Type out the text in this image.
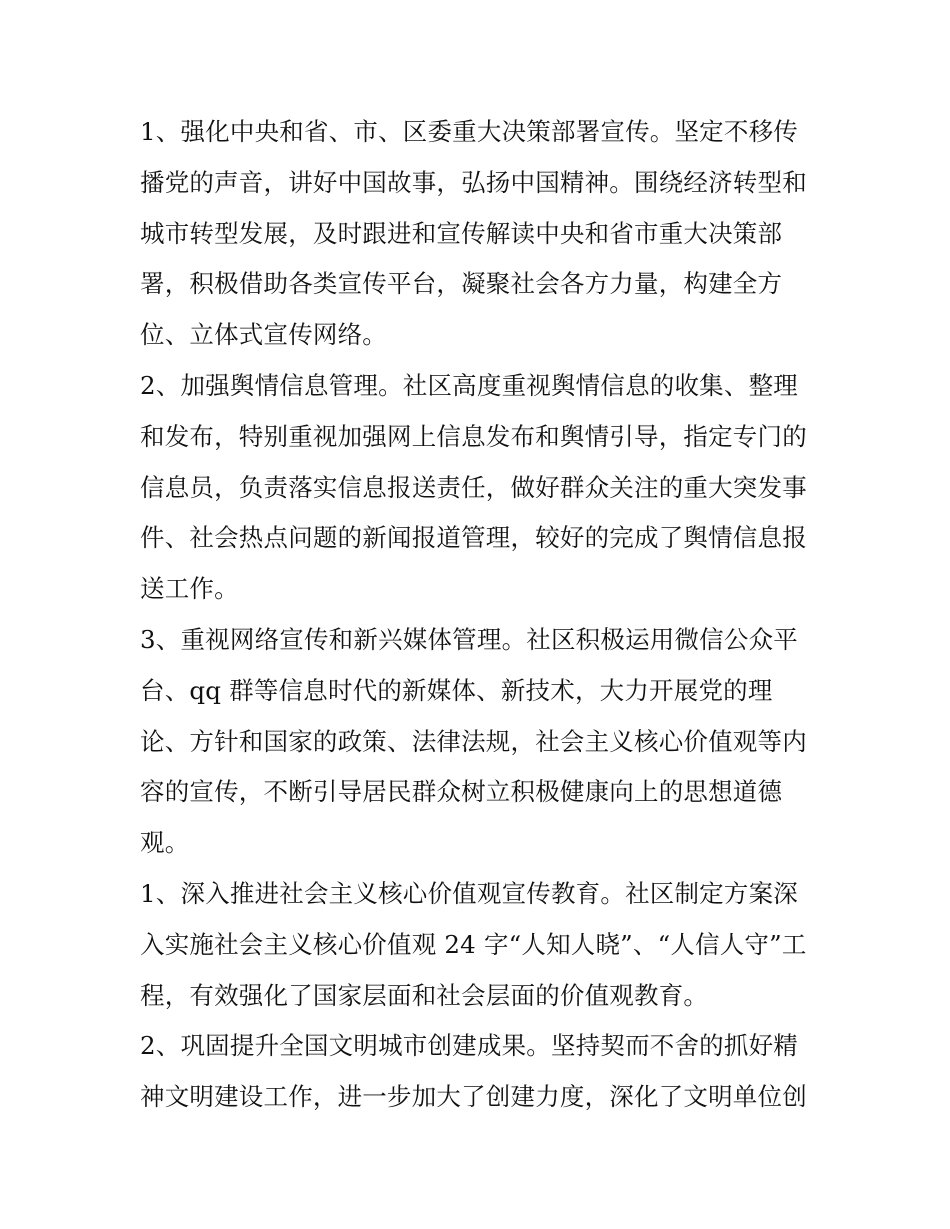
1、强化中央和省、市、区委重大决策部署宣传。坚定不移传
播党的声音，讲好中国故事，弘扬中国精神。围绕经济转型和
城市转型发展，及时跟进和宣传解读中央和省市重大决策部
署，积极借助各类宣传平台，凝聚社会各方力量，构建全方
位、立体式宣传网络。
2、加强舆情信息管理。社区高度重视舆情信息的收集、整理
和发布，特别重视加强网上信息发布和舆情引导，指定专门的
信息员，负责落实信息报送责任，做好群众关注的重大突发事
件、社会热点问题的新闻报道管理，较好的完成了舆情信息报
送工作。
3、重视网络宣传和新兴媒体管理。社区积极运用微信公众平
台、qq 群等信息时代的新媒体、新技术，大力开展党的理
论、方针和国家的政策、法律法规，社会主义核心价值观等内
容的宣传，不断引导居民群众树立积极健康向上的思想道德
观。
1、深入推进社会主义核心价值观宣传教育。社区制定方案深
入实施社会主义核心价值观 24 字“人知人晓”、“人信人守”工
程，有效强化了国家层面和社会层面的价值观教育。
2、巩固提升全国文明城市创建成果。坚持契而不舍的抓好精
神文明建设工作，进一步加大了创建力度，深化了文明单位创
